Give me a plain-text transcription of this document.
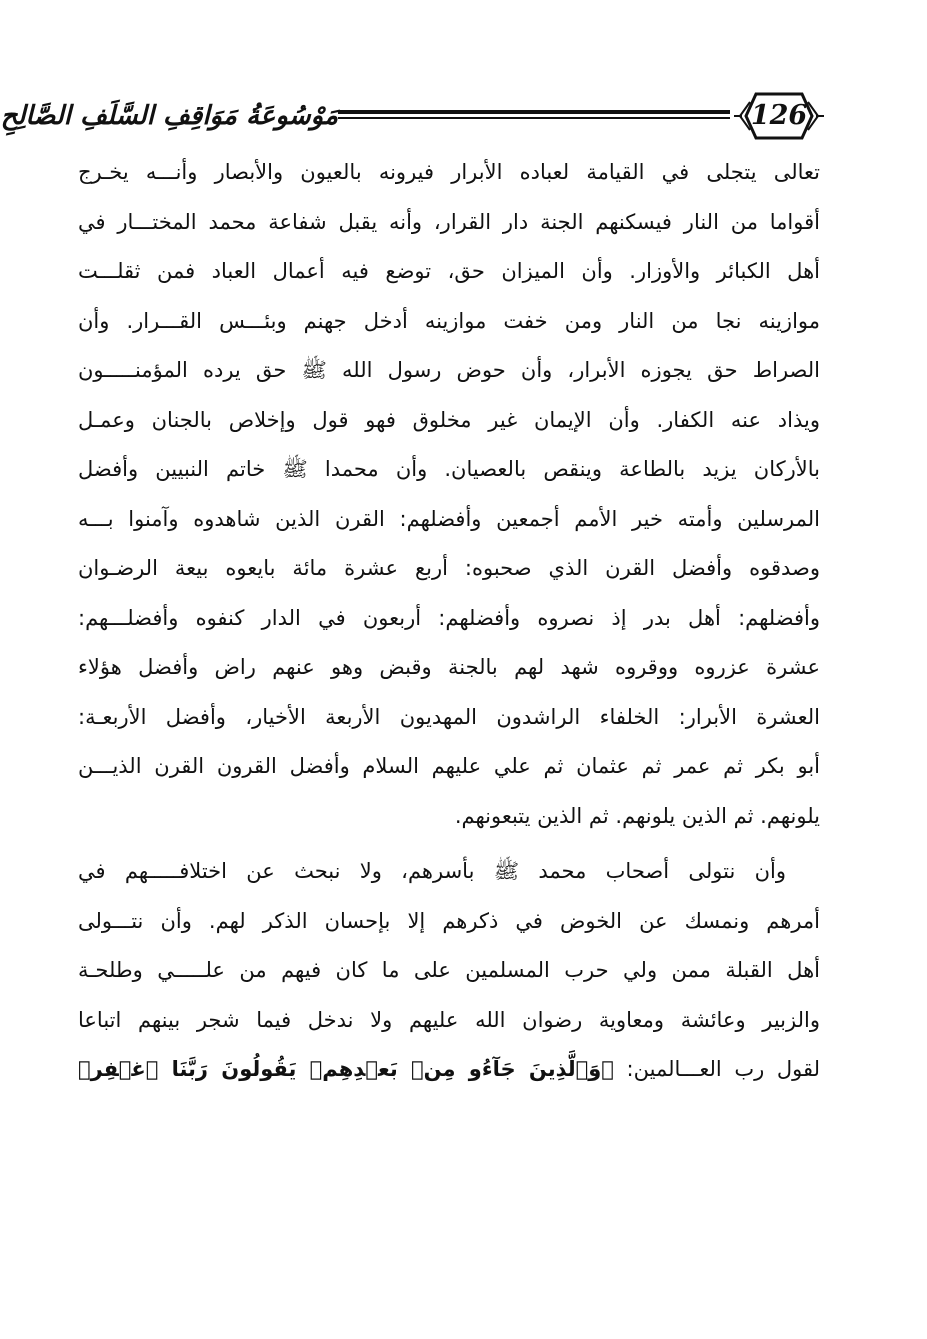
مَوْسُوعَةُ مَوَاقِفِ السَّلَفِ الصَّالِحِ	126
تعالى يتجلى في القيامة لعباده الأبرار فيرونه بالعيون والأبصار وأنـــه يخـرج
أقواما من النار فيسكنهم الجنة دار القرار، وأنه يقبل شفاعة محمد المختـــار في
أهل الكبائر والأوزار. وأن الميزان حق، توضع فيه أعمال العباد فمن ثقلـــت
موازينه نجا من النار ومن خفت موازينه أدخل جهنم وبئـــس القـــرار. وأن
الصراط حق يجوزه الأبرار، وأن حوض رسول الله ﷺ حق يرده المؤمنـــــون
ويذاد عنه الكفار. وأن الإيمان غير مخلوق فهو قول وإخلاص بالجنان وعمـل
بالأركان يزيد بالطاعة وينقص بالعصيان. وأن محمدا ﷺ خاتم النبيين وأفضل
المرسلين وأمته خير الأمم أجمعين وأفضلهم: القرن الذين شاهدوه وآمنوا بـــه
وصدقوه وأفضل القرن الذي صحبوه: أربع عشرة مائة بايعوه بيعة الرضـوان
وأفضلهم: أهل بدر إذ نصروه وأفضلهم: أربعون في الدار كنفوه وأفضلـــهم:
عشرة عزروه ووقروه شهد لهم بالجنة وقبض وهو عنهم راض وأفضل هؤلاء
العشرة الأبرار: الخلفاء الراشدون المهديون الأربعة الأخيار، وأفضل الأربعـة:
أبو بكر ثم عمر ثم عثمان ثم علي عليهم السلام وأفضل القرون القرن الذيـــن
يلونهم. ثم الذين يلونهم. ثم الذين يتبعونهم.
وأن نتولى أصحاب محمد ﷺ بأسرهم، ولا نبحث عن اختلافـــــهم في
أمرهم ونمسك عن الخوض في ذكرهم إلا بإحسان الذكر لهم. وأن نتـــولى
أهل القبلة ممن ولي حرب المسلمين على ما كان فيهم من علـــــي وطلحـة
والزبير وعائشة ومعاوية رضوان الله عليهم ولا ندخل فيما شجر بينهم اتباعا
لقول رب العـــالمين: ﴿وَٱلَّذِينَ جَآءُو مِنۢ بَعۡدِهِمۡ يَقُولُونَ رَبَّنَا ٱغۡفِرۡ
